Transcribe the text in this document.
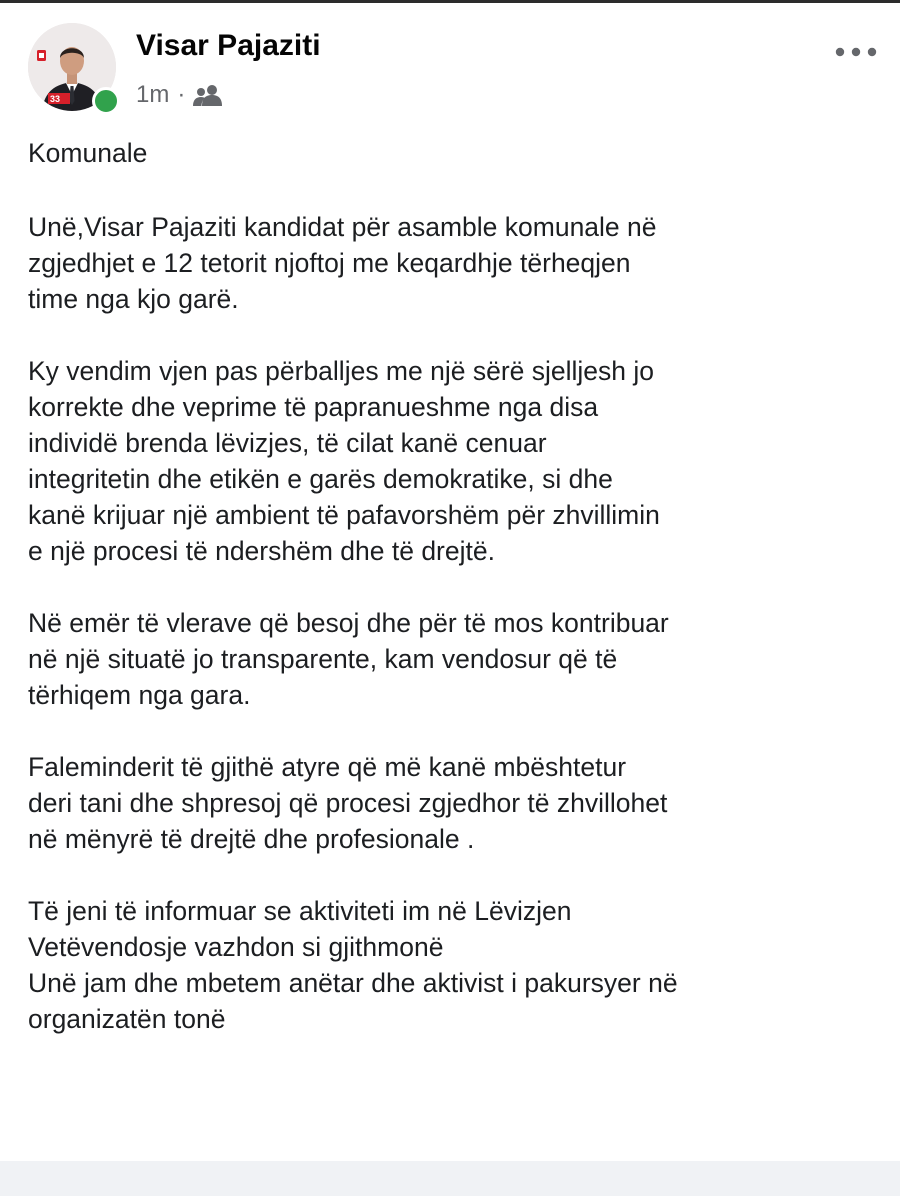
33
Visar Pajaziti
1m ·

Komunale

Unë,Visar Pajaziti kandidat për asamble komunale në
zgjedhjet e 12 tetorit njoftoj me keqardhje tërheqjen
time nga kjo garë.

Ky vendim vjen pas përballjes me një sërë sjelljesh jo
korrekte dhe veprime të papranueshme nga disa
individë brenda lëvizjes, të cilat kanë cenuar
integritetin dhe etikën e garës demokratike, si dhe
kanë krijuar një ambient të pafavorshëm për zhvillimin
e një procesi të ndershëm dhe të drejtë.

Në emër të vlerave që besoj dhe për të mos kontribuar
në një situatë jo transparente, kam vendosur që të
tërhiqem nga gara.

Faleminderit të gjithë atyre që më kanë mbështetur
deri tani dhe shpresoj që procesi zgjedhor të zhvillohet
në mënyrë të drejtë dhe profesionale .

Të jeni të informuar se aktiviteti im në Lëvizjen
Vetëvendosje vazhdon si gjithmonë
Unë jam dhe mbetem anëtar dhe aktivist i pakursyer në
organizatën tonë
